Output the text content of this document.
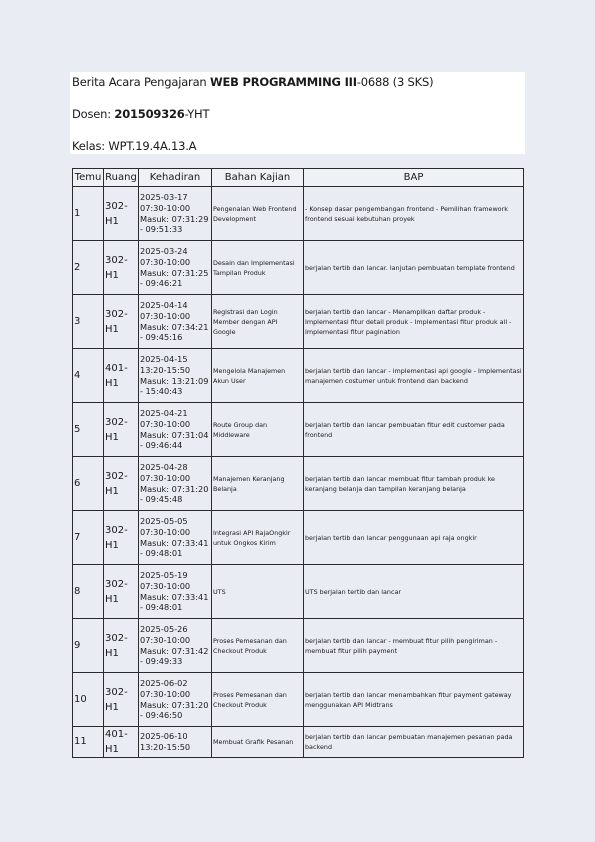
Berita Acara Pengajaran WEB PROGRAMMING III-0688 (3 SKS)
Dosen: 201509326-YHT
Kelas: WPT.19.4A.13.A
Temu	Ruang	Kehadiran	Bahan Kajian	BAP
1	302-H1	2025-03-17
07:30-10:00
Masuk: 07:31:29 - 09:51:33	Pengenalan Web Frontend Development	- Konsep dasar pengembangan frontend - Pemilihan framework frontend sesuai kebutuhan proyek
2	302-H1	2025-03-24
07:30-10:00
Masuk: 07:31:25 - 09:46:21	Desain dan Implementasi Tampilan Produk	berjalan tertib dan lancar. lanjutan pembuatan template frontend
3	302-H1	2025-04-14
07:30-10:00
Masuk: 07:34:21 - 09:45:16	Registrasi dan Login Member dengan API Google	berjalan tertib dan lancar - Menampilkan daftar produk - Implementasi fitur detail produk - Implementasi fitur produk all - Implementasi fitur pagination
4	401-H1	2025-04-15
13:20-15:50
Masuk: 13:21:09 - 15:40:43	Mengelola Manajemen Akun User	berjalan tertib dan lancar - implementasi api google - Implementasi manajemen costumer untuk frontend dan backend
5	302-H1	2025-04-21
07:30-10:00
Masuk: 07:31:04 - 09:46:44	Route Group dan Middleware	berjalan tertib dan lancar pembuatan fitur edit customer pada frontend
6	302-H1	2025-04-28
07:30-10:00
Masuk: 07:31:20 - 09:45:48	Manajemen Keranjang Belanja	berjalan tertib dan lancar membuat fitur tambah produk ke keranjang belanja dan tampilan keranjang belanja
7	302-H1	2025-05-05
07:30-10:00
Masuk: 07:33:41 - 09:48:01	Integrasi API RajaOngkir untuk Ongkos Kirim	berjalan tertib dan lancar penggunaan api raja ongkir
8	302-H1	2025-05-19
07:30-10:00
Masuk: 07:33:41 - 09:48:01	UTS	UTS berjalan tertib dan lancar
9	302-H1	2025-05-26
07:30-10:00
Masuk: 07:31:42 - 09:49:33	Proses Pemesanan dan Checkout Produk	berjalan tertib dan lancar - membuat fitur pilih pengiriman - membuat fitur pilih payment
10	302-H1	2025-06-02
07:30-10:00
Masuk: 07:31:20 - 09:46:50	Proses Pemesanan dan Checkout Produk	berjalan tertib dan lancar menambahkan fitur payment gateway menggunakan API Midtrans
11	401-H1	2025-06-10
13:20-15:50	Membuat Grafik Pesanan	berjalan tertib dan lancar pembuatan manajemen pesanan pada backend
